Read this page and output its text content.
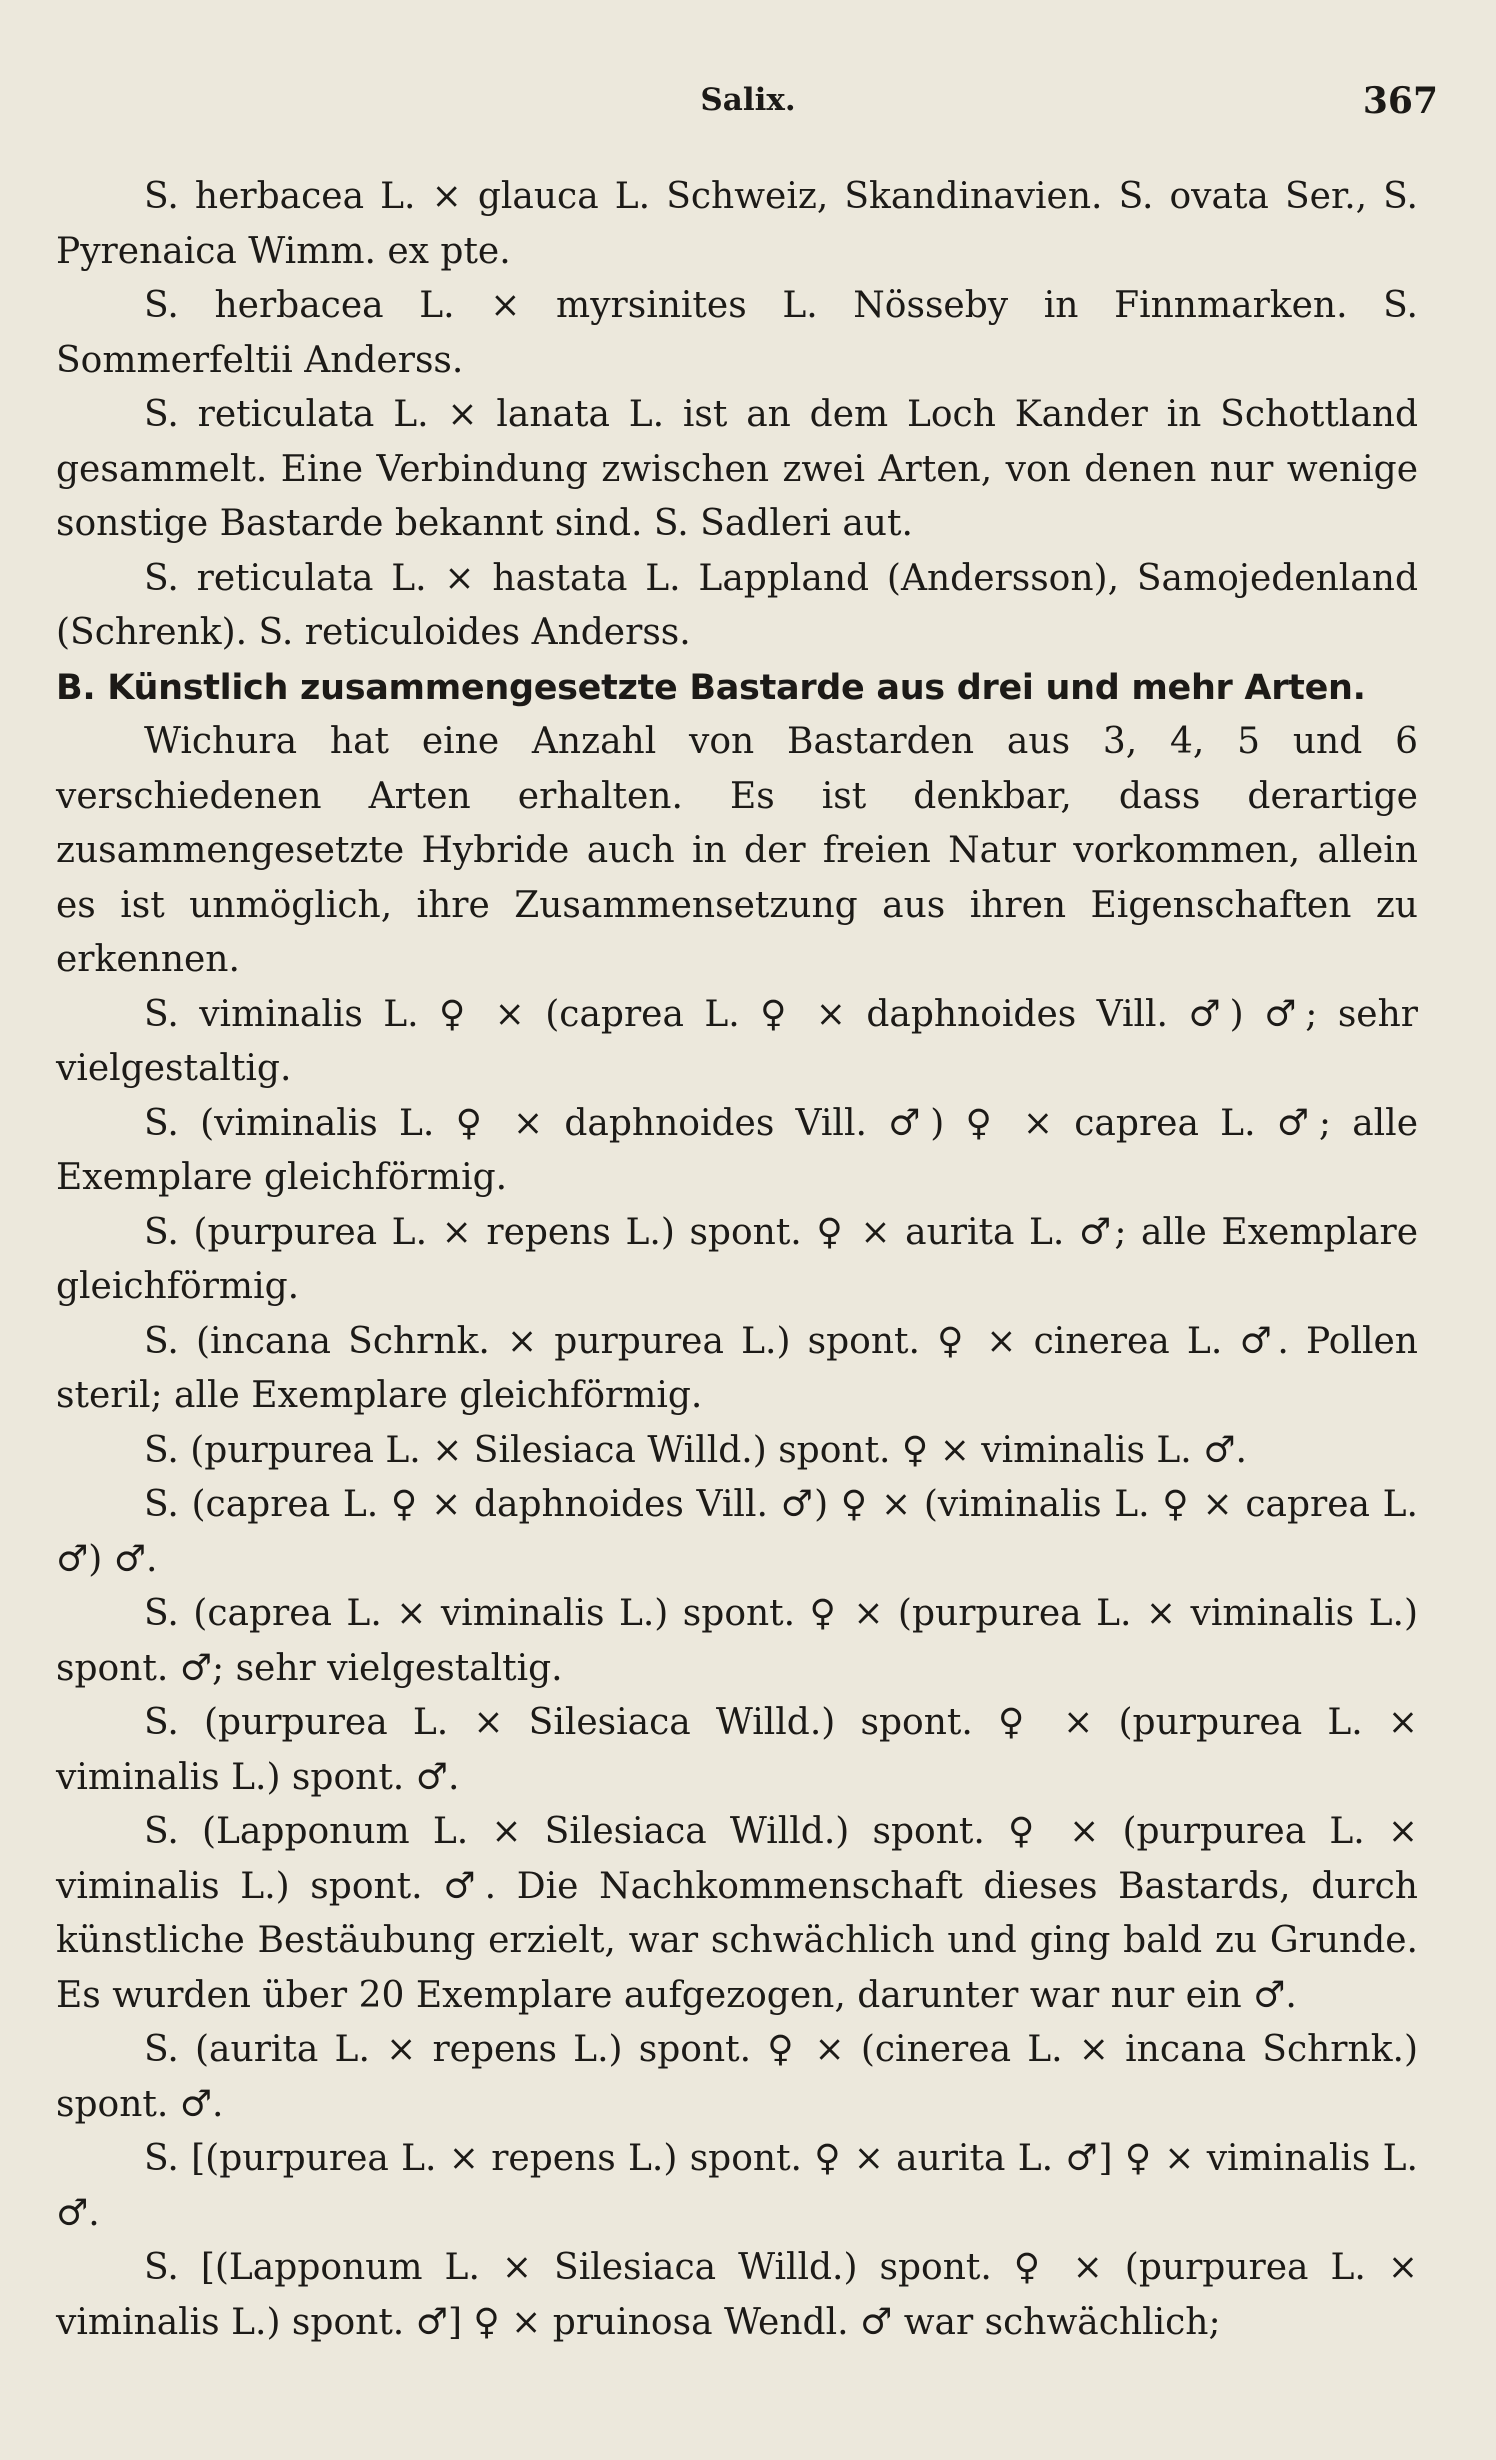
Salix.	367

S. herbacea L. × glauca L. Schweiz, Skandinavien. S. ovata Ser., S. Pyrenaica Wimm. ex pte.

S. herbacea L. × myrsinites L. Nösseby in Finnmarken. S. Sommerfeltii Anderss.

S. reticulata L. × lanata L. ist an dem Loch Kander in Schottland gesammelt. Eine Verbindung zwischen zwei Arten, von denen nur wenige sonstige Bastarde bekannt sind. S. Sadleri aut.

S. reticulata L. × hastata L. Lappland (Andersson), Samojedenland (Schrenk). S. reticuloides Anderss.

B. Künstlich zusammengesetzte Bastarde aus drei und mehr Arten.

Wichura hat eine Anzahl von Bastarden aus 3, 4, 5 und 6 verschiedenen Arten erhalten. Es ist denkbar, dass derartige zusammengesetzte Hybride auch in der freien Natur vorkommen, allein es ist unmöglich, ihre Zusammensetzung aus ihren Eigenschaften zu erkennen.

S. viminalis L. ♀ × (caprea L. ♀ × daphnoides Vill. ♂) ♂; sehr vielgestaltig.

S. (viminalis L. ♀ × daphnoides Vill. ♂) ♀ × caprea L. ♂; alle Exemplare gleichförmig.

S. (purpurea L. × repens L.) spont. ♀ × aurita L. ♂; alle Exemplare gleichförmig.

S. (incana Schrnk. × purpurea L.) spont. ♀ × cinerea L. ♂. Pollen steril; alle Exemplare gleichförmig.

S. (purpurea L. × Silesiaca Willd.) spont. ♀ × viminalis L. ♂.

S. (caprea L. ♀ × daphnoides Vill. ♂) ♀ × (viminalis L. ♀ × caprea L. ♂) ♂.

S. (caprea L. × viminalis L.) spont. ♀ × (purpurea L. × viminalis L.) spont. ♂; sehr vielgestaltig.

S. (purpurea L. × Silesiaca Willd.) spont. ♀ × (purpurea L. × viminalis L.) spont. ♂.

S. (Lapponum L. × Silesiaca Willd.) spont. ♀ × (purpurea L. × viminalis L.) spont. ♂. Die Nachkommenschaft dieses Bastards, durch künstliche Bestäubung erzielt, war schwächlich und ging bald zu Grunde. Es wurden über 20 Exemplare aufgezogen, darunter war nur ein ♂.

S. (aurita L. × repens L.) spont. ♀ × (cinerea L. × incana Schrnk.) spont. ♂.

S. [(purpurea L. × repens L.) spont. ♀ × aurita L. ♂] ♀ × viminalis L. ♂.

S. [(Lapponum L. × Silesiaca Willd.) spont. ♀ × (purpurea L. × viminalis L.) spont. ♂] ♀ × pruinosa Wendl. ♂ war schwächlich;
